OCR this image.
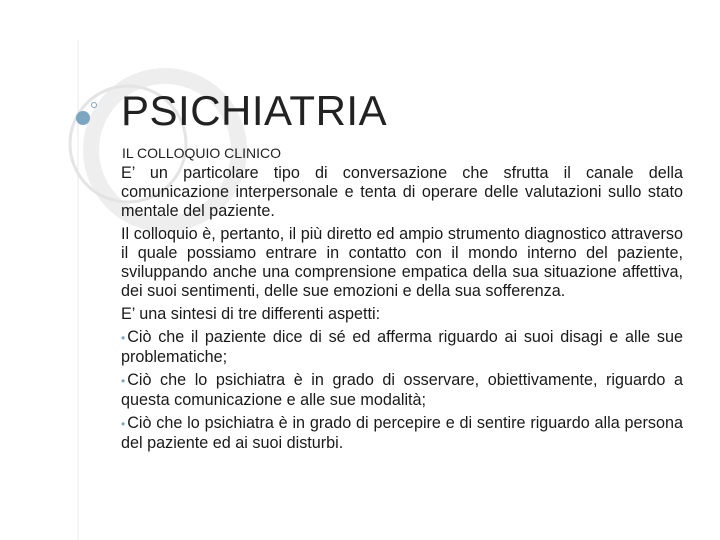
PSICHIATRIA
IL COLLOQUIO CLINICO

E’ un particolare tipo di conversazione che sfrutta il canale della comunicazione interpersonale e tenta di operare delle valutazioni sullo stato mentale del paziente.

Il colloquio è, pertanto, il più diretto ed ampio strumento diagnostico attraverso il quale possiamo entrare in contatto con il mondo interno del paziente, sviluppando anche una comprensione empatica della sua situazione affettiva, dei suoi sentimenti, delle sue emozioni e della sua sofferenza.

E’ una sintesi di tre differenti aspetti:

• Ciò che il paziente dice di sé ed afferma riguardo ai suoi disagi e alle sue problematiche;

• Ciò che lo psichiatra è in grado di osservare, obiettivamente, riguardo a questa comunicazione e alle sue modalità;

• Ciò che lo psichiatra è in grado di percepire e di sentire riguardo alla persona del paziente ed ai suoi disturbi.
